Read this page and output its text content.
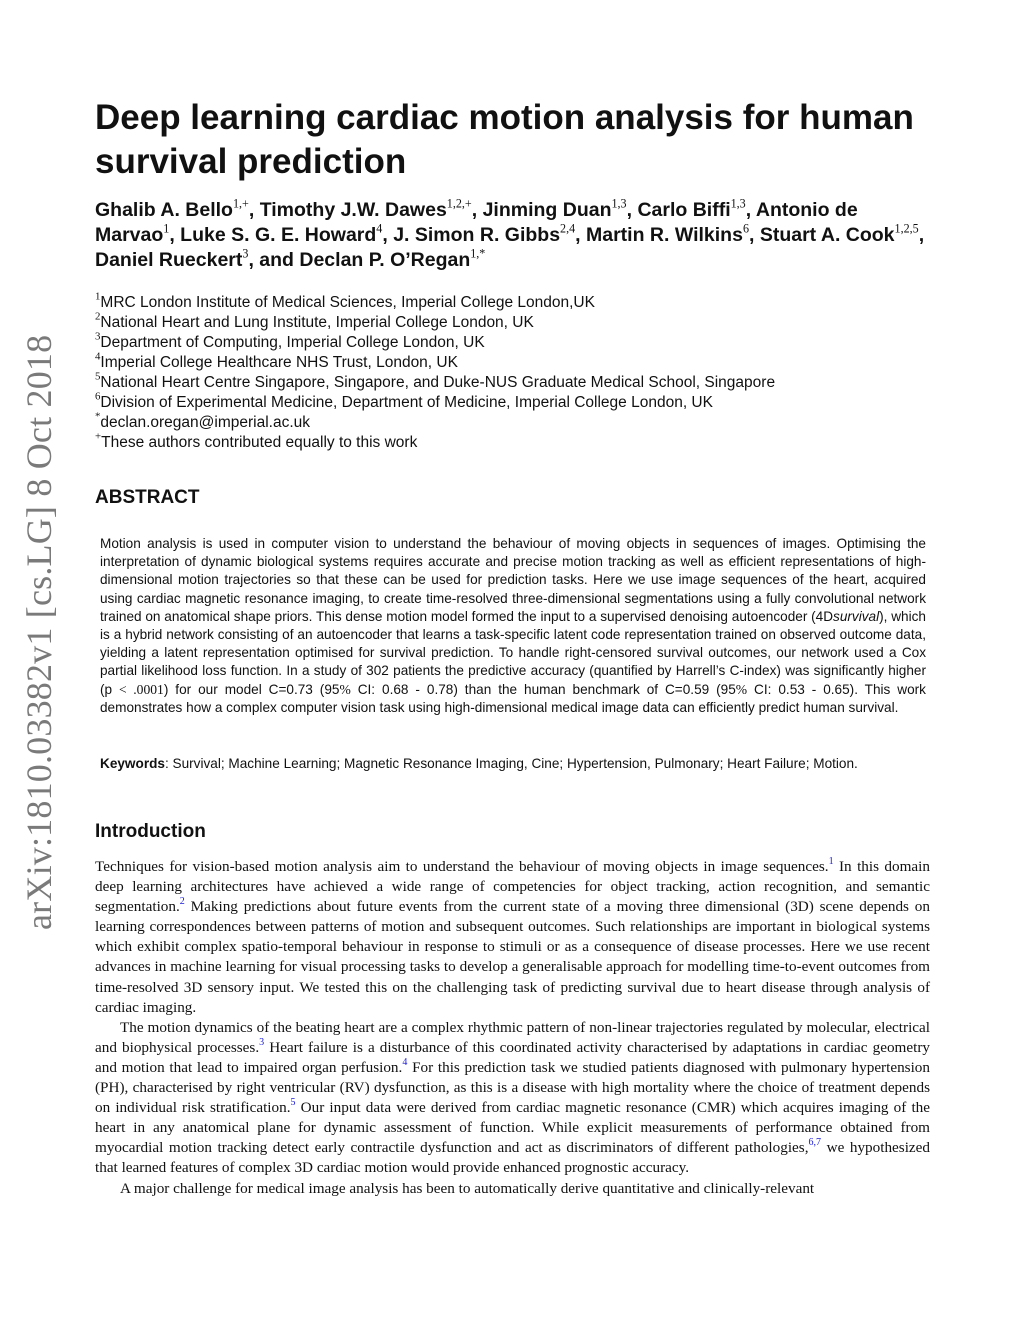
arXiv:1810.03382v1 [cs.LG] 8 Oct 2018
Deep learning cardiac motion analysis for human survival prediction
Ghalib A. Bello$^{1,+}$, Timothy J.W. Dawes$^{1,2,+}$, Jinming Duan$^{1,3}$, Carlo Biffi$^{1,3}$, Antonio de Marvao$^1$, Luke S. G. E. Howard$^4$, J. Simon R. Gibbs$^{2,4}$, Martin R. Wilkins$^6$, Stuart A. Cook$^{1,2,5}$, Daniel Rueckert$^3$, and Declan P. O’Regan$^{1,*}$
$^1$MRC London Institute of Medical Sciences, Imperial College London,UK
$^2$National Heart and Lung Institute, Imperial College London, UK
$^3$Department of Computing, Imperial College London, UK
$^4$Imperial College Healthcare NHS Trust, London, UK
$^5$National Heart Centre Singapore, Singapore, and Duke-NUS Graduate Medical School, Singapore
$^6$Division of Experimental Medicine, Department of Medicine, Imperial College London, UK
*declan.oregan@imperial.ac.uk
+These authors contributed equally to this work
ABSTRACT

Motion analysis is used in computer vision to understand the behaviour of moving objects in sequences of images. Optimising the interpretation of dynamic biological systems requires accurate and precise motion tracking as well as efficient representations of high-dimensional motion trajectories so that these can be used for prediction tasks. Here we use image sequences of the heart, acquired using cardiac magnetic resonance imaging, to create time-resolved three-dimensional segmentations using a fully convolutional network trained on anatomical shape priors. This dense motion model formed the input to a supervised denoising autoencoder (4Dsurvival), which is a hybrid network consisting of an autoencoder that learns a task-specific latent code representation trained on observed outcome data, yielding a latent representation optimised for survival prediction. To handle right-censored survival outcomes, our network used a Cox partial likelihood loss function. In a study of 302 patients the predictive accuracy (quantified by Harrell’s C-index) was significantly higher (p < .0001) for our model C=0.73 (95% CI: 0.68 - 0.78) than the human benchmark of C=0.59 (95% CI: 0.53 - 0.65). This work demonstrates how a complex computer vision task using high-dimensional medical image data can efficiently predict human survival.

Keywords: Survival; Machine Learning; Magnetic Resonance Imaging, Cine; Hypertension, Pulmonary; Heart Failure; Motion.

Introduction

Techniques for vision-based motion analysis aim to understand the behaviour of moving objects in image sequences.$^1$ In this domain deep learning architectures have achieved a wide range of competencies for object tracking, action recognition, and semantic segmentation.$^2$ Making predictions about future events from the current state of a moving three dimensional (3D) scene depends on learning correspondences between patterns of motion and subsequent outcomes. Such relationships are important in biological systems which exhibit complex spatio-temporal behaviour in response to stimuli or as a consequence of disease processes. Here we use recent advances in machine learning for visual processing tasks to develop a generalisable approach for modelling time-to-event outcomes from time-resolved 3D sensory input. We tested this on the challenging task of predicting survival due to heart disease through analysis of cardiac imaging.

The motion dynamics of the beating heart are a complex rhythmic pattern of non-linear trajectories regulated by molecular, electrical and biophysical processes.$^3$ Heart failure is a disturbance of this coordinated activity characterised by adaptations in cardiac geometry and motion that lead to impaired organ perfusion.$^4$ For this prediction task we studied patients diagnosed with pulmonary hypertension (PH), characterised by right ventricular (RV) dysfunction, as this is a disease with high mortality where the choice of treatment depends on individual risk stratification.$^5$ Our input data were derived from cardiac magnetic resonance (CMR) which acquires imaging of the heart in any anatomical plane for dynamic assessment of function. While explicit measurements of performance obtained from myocardial motion tracking detect early contractile dysfunction and act as discriminators of different pathologies,$^{6,7}$ we hypothesized that learned features of complex 3D cardiac motion would provide enhanced prognostic accuracy.

A major challenge for medical image analysis has been to automatically derive quantitative and clinically-relevant
